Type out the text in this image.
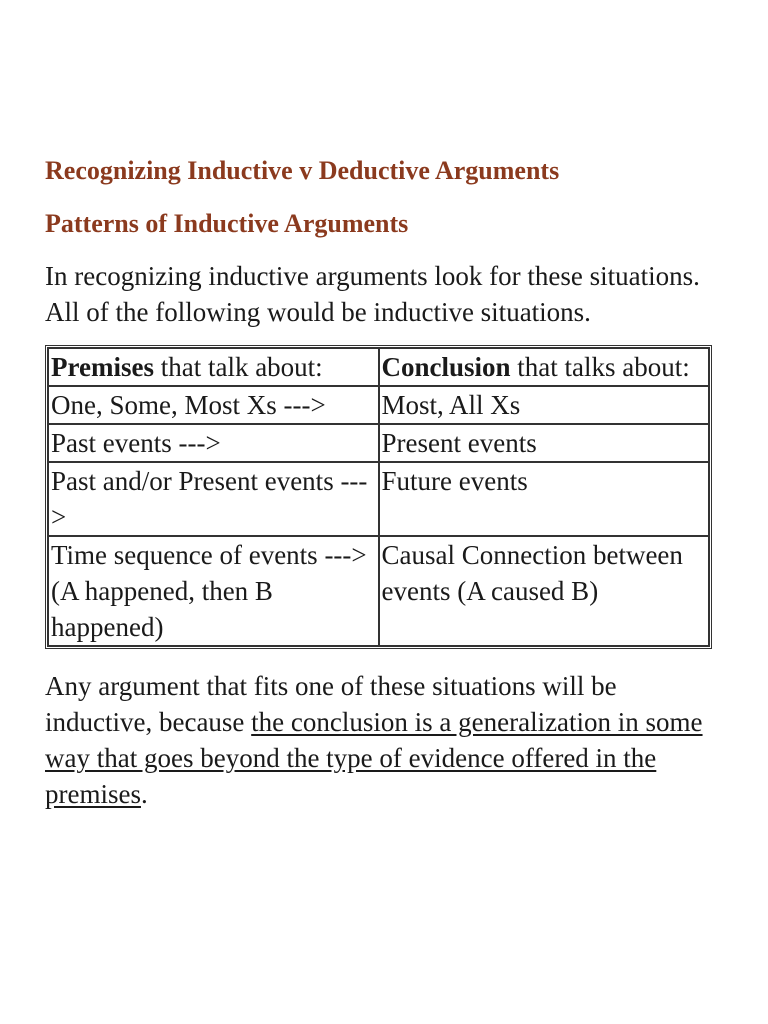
Recognizing Inductive v Deductive Arguments
Patterns of Inductive Arguments

In recognizing inductive arguments look for these situations. All of the following would be inductive situations.

Premises that talk about:	Conclusion that talks about:
One, Some, Most Xs --->	Most, All Xs
Past events --->	Present events
Past and/or Present events --->	Future events
Time sequence of events ---> (A happened, then B happened)	Causal Connection between events (A caused B)

Any argument that fits one of these situations will be inductive, because the conclusion is a generalization in some way that goes beyond the type of evidence offered in the premises.
